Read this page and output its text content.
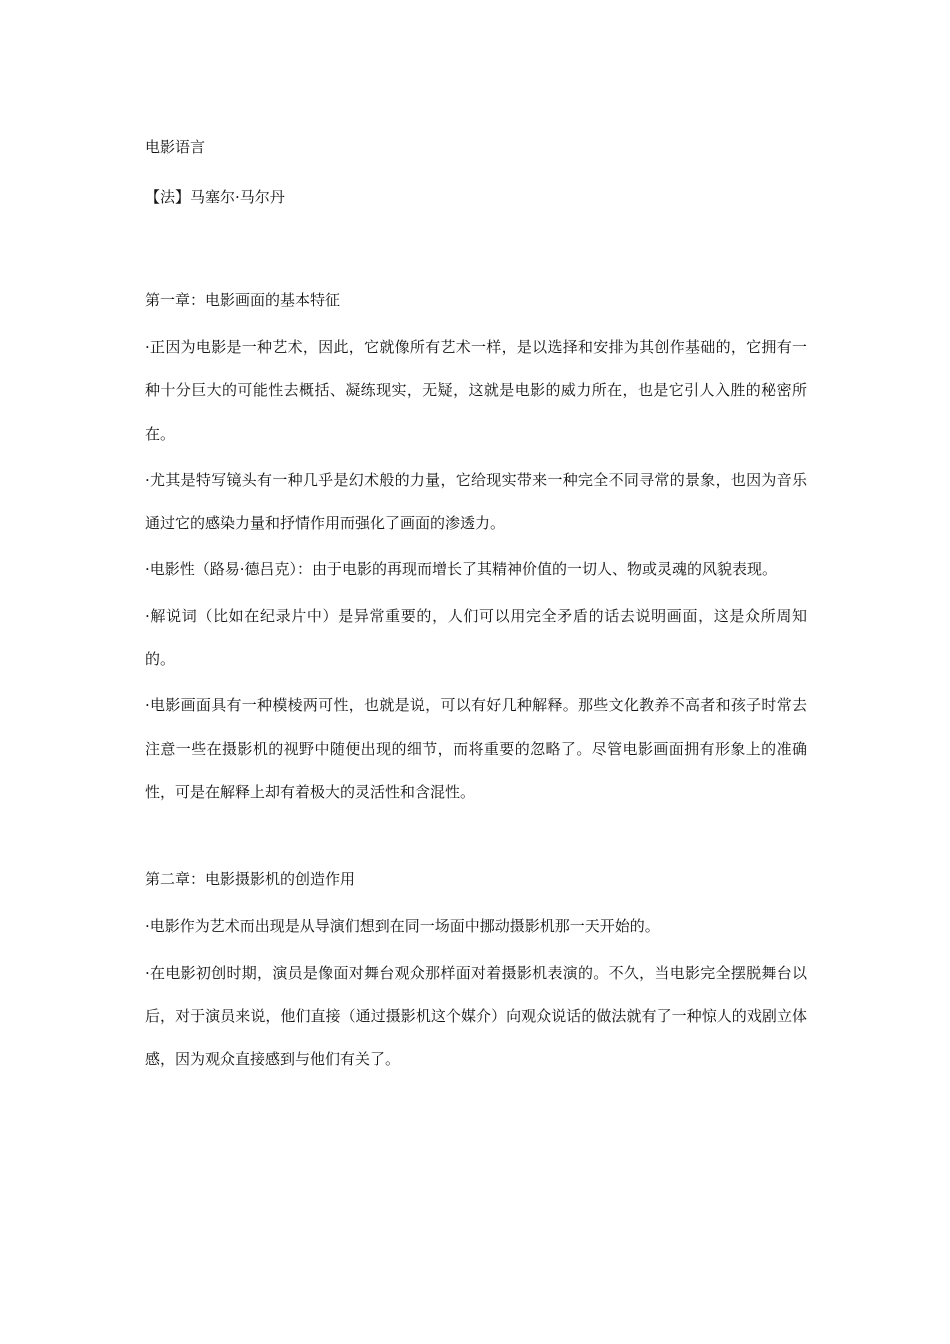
电影语言

【法】马塞尔·马尔丹

第一章：电影画面的基本特征

·正因为电影是一种艺术，因此，它就像所有艺术一样，是以选择和安排为其创作基础的，它拥有一种十分巨大的可能性去概括、凝练现实，无疑，这就是电影的威力所在，也是它引人入胜的秘密所在。

·尤其是特写镜头有一种几乎是幻术般的力量，它给现实带来一种完全不同寻常的景象，也因为音乐通过它的感染力量和抒情作用而强化了画面的渗透力。

·电影性（路易·德吕克）：由于电影的再现而增长了其精神价值的一切人、物或灵魂的风貌表现。

·解说词（比如在纪录片中）是异常重要的，人们可以用完全矛盾的话去说明画面，这是众所周知的。

·电影画面具有一种模棱两可性，也就是说，可以有好几种解释。那些文化教养不高者和孩子时常去注意一些在摄影机的视野中随便出现的细节，而将重要的忽略了。尽管电影画面拥有形象上的准确性，可是在解释上却有着极大的灵活性和含混性。

第二章：电影摄影机的创造作用

·电影作为艺术而出现是从导演们想到在同一场面中挪动摄影机那一天开始的。

·在电影初创时期，演员是像面对舞台观众那样面对着摄影机表演的。不久，当电影完全摆脱舞台以后，对于演员来说，他们直接（通过摄影机这个媒介）向观众说话的做法就有了一种惊人的戏剧立体感，因为观众直接感到与他们有关了。
